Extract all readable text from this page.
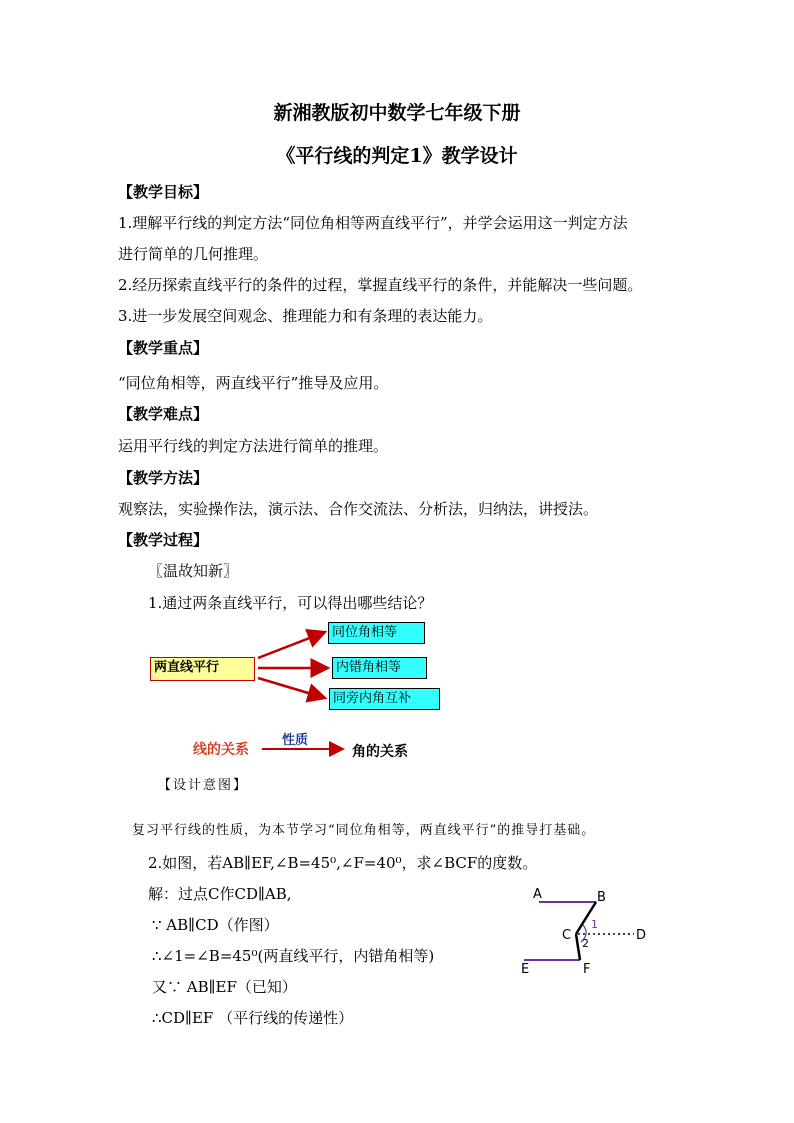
新湘教版初中数学七年级下册
《平行线的判定1》教学设计
【教学目标】
1.理解平行线的判定方法“同位角相等两直线平行”，并学会运用这一判定方法
进行简单的几何推理。
2.经历探索直线平行的条件的过程，掌握直线平行的条件，并能解决一些问题。
3.进一步发展空间观念、推理能力和有条理的表达能力。
【教学重点】
“同位角相等，两直线平行”推导及应用。
【教学难点】
运用平行线的判定方法进行简单的推理。
【教学方法】
观察法，实验操作法，演示法、合作交流法、分析法，归纳法，讲授法。
【教学过程】
〖温故知新〗
1.通过两条直线平行，可以得出哪些结论？
两直线平行
同位角相等
内错角相等
同旁内角互补
线的关系
性质
角的关系
【设计意图】
复习平行线的性质，为本节学习“同位角相等，两直线平行”的推导打基础。
2.如图，若AB∥EF,∠B=45⁰,∠F=40⁰，求∠BCF的度数。
解：过点C作CD∥AB,
∵ AB∥CD（作图）
∴∠1=∠B=45⁰(两直线平行，内错角相等)
又∵ AB∥EF（已知）
∴CD∥EF （平行线的传递性）
A	B
C	D
E	F
1
2
